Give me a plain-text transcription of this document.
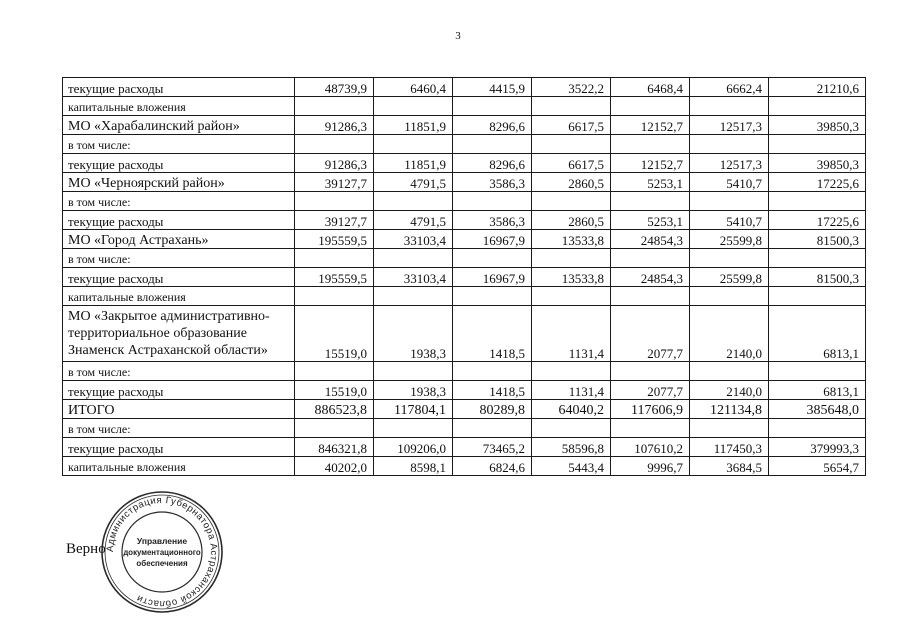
3
текущие расходы	48739,9	6460,4	4415,9	3522,2	6468,4	6662,4	21210,6
капитальные вложения							
МО «Харабалинский район»	91286,3	11851,9	8296,6	6617,5	12152,7	12517,3	39850,3
в том числе:							
текущие расходы	91286,3	11851,9	8296,6	6617,5	12152,7	12517,3	39850,3
МО «Черноярский район»	39127,7	4791,5	3586,3	2860,5	5253,1	5410,7	17225,6
в том числе:							
текущие расходы	39127,7	4791,5	3586,3	2860,5	5253,1	5410,7	17225,6
МО «Город Астрахань»	195559,5	33103,4	16967,9	13533,8	24854,3	25599,8	81500,3
в том числе:							
текущие расходы	195559,5	33103,4	16967,9	13533,8	24854,3	25599,8	81500,3
капитальные вложения							
МО «Закрытое административно-территориальное образование Знаменск Астраханской области»	15519,0	1938,3	1418,5	1131,4	2077,7	2140,0	6813,1
в том числе:							
текущие расходы	15519,0	1938,3	1418,5	1131,4	2077,7	2140,0	6813,1
ИТОГО	886523,8	117804,1	80289,8	64040,2	117606,9	121134,8	385648,0
в том числе:							
текущие расходы	846321,8	109206,0	73465,2	58596,8	107610,2	117450,3	379993,3
капитальные вложения	40202,0	8598,1	6824,6	5443,4	9996,7	3684,5	5654,7
Верно Администрация Губернатора Астраханской области
Управление
документационного
обеспечения
